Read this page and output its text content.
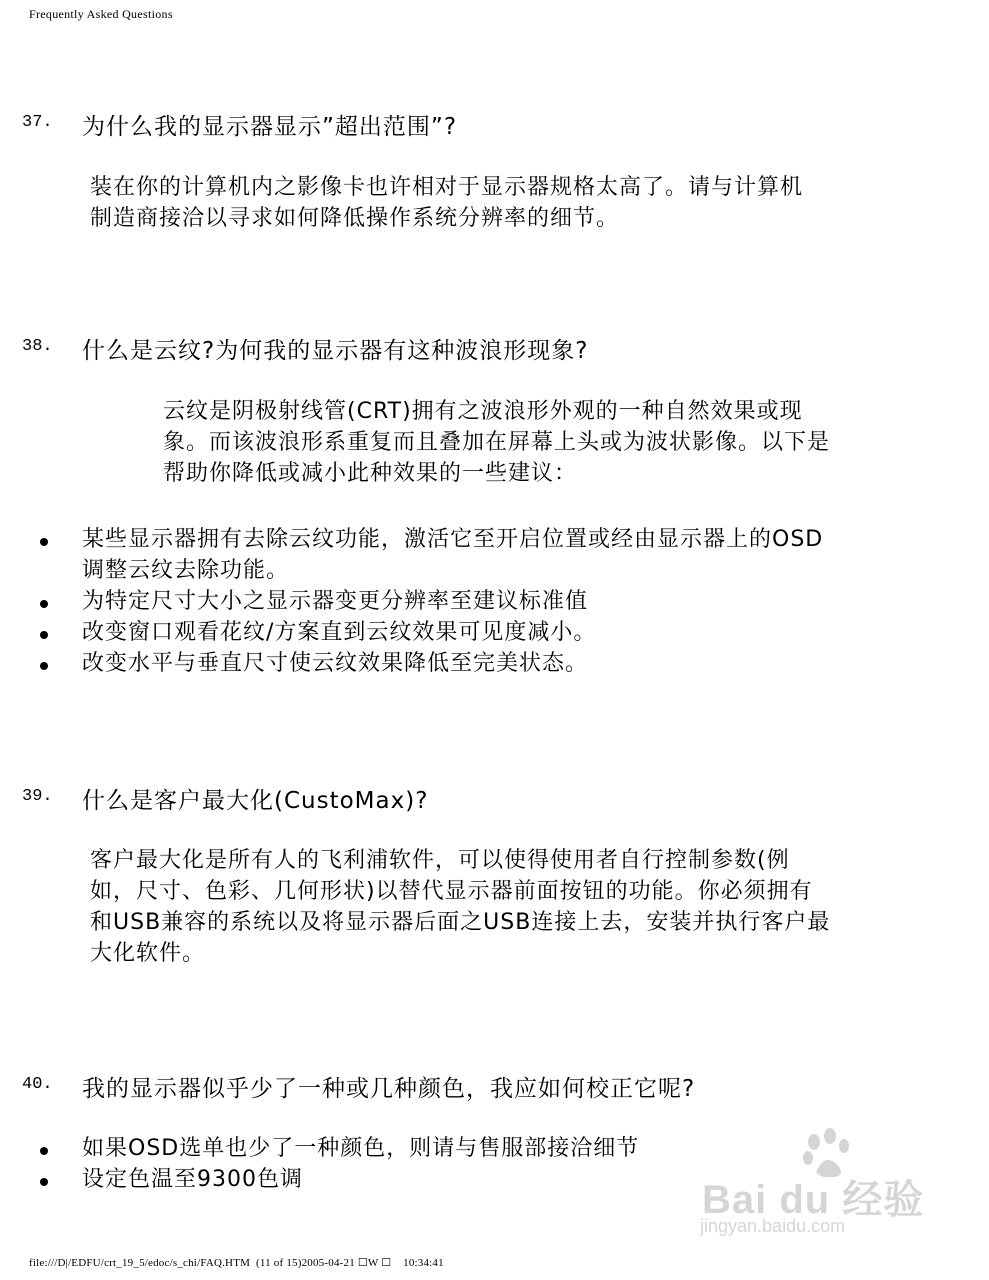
Frequently Asked Questions
37. 为什么我的显示器显示”超出范围”?
装在你的计算机内之影像卡也许相对于显示器规格太高了。请与计算机
制造商接洽以寻求如何降低操作系统分辨率的细节。
38. 什么是云纹?为何我的显示器有这种波浪形现象?
云纹是阴极射线管(CRT)拥有之波浪形外观的一种自然效果或现
象。而该波浪形系重复而且叠加在屏幕上头或为波状影像。以下是
帮助你降低或减小此种效果的一些建议：
某些显示器拥有去除云纹功能，激活它至开启位置或经由显示器上的OSD
调整云纹去除功能。
为特定尺寸大小之显示器变更分辨率至建议标准值
改变窗口观看花纹/方案直到云纹效果可见度减小。
改变水平与垂直尺寸使云纹效果降低至完美状态。
39. 什么是客户最大化(CustoMax)?
客户最大化是所有人的飞利浦软件，可以使得使用者自行控制参数(例
如，尺寸、色彩、几何形状)以替代显示器前面按钮的功能。你必须拥有
和USB兼容的系统以及将显示器后面之USB连接上去，安装并执行客户最
大化软件。
40. 我的显示器似乎少了一种或几种颜色，我应如何校正它呢?
如果OSD选单也少了一种颜色，则请与售服部接洽细节
设定色温至9300色调	Bai du 经验
jingyan.baidu.com
file:///D|/EDFU/crt_19_5/edoc/s_chi/FAQ.HTM  (11 of 15)2005-04-21 ☐W ☐    10:34:41
